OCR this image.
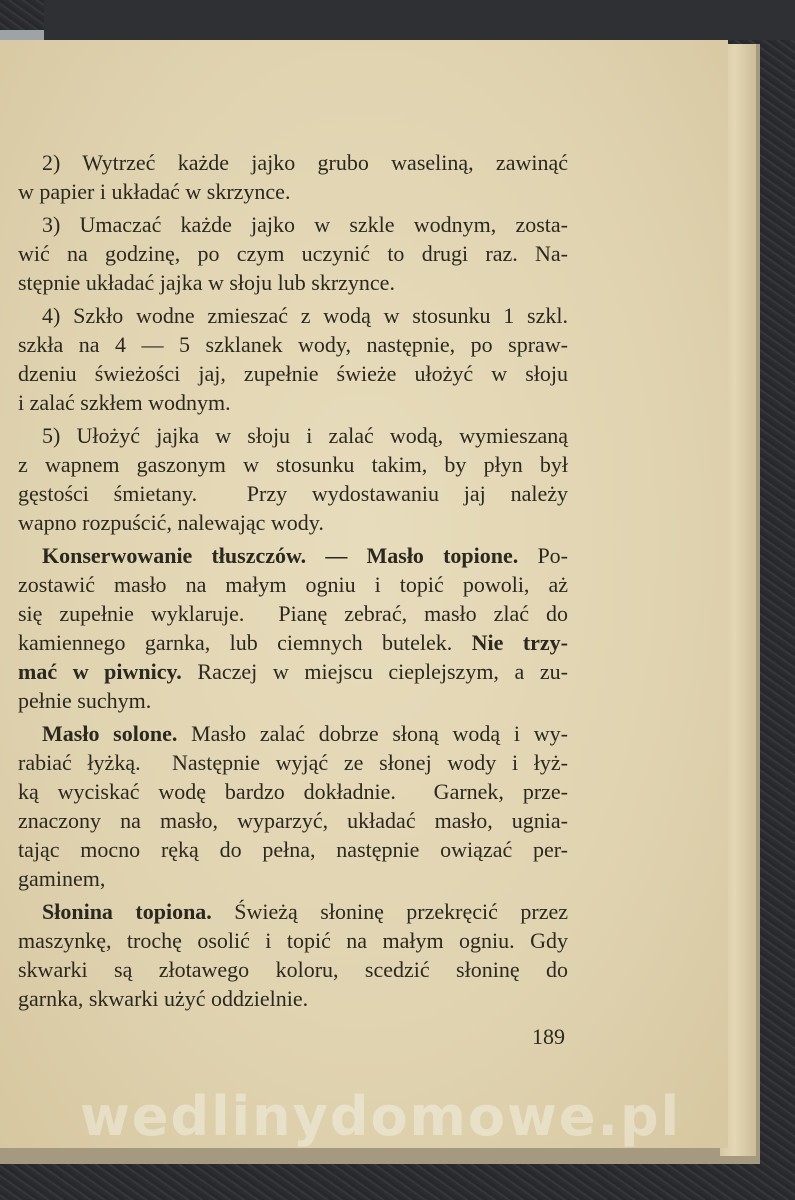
2) Wytrzeć każde jajko grubo waseliną, zawinąć
w papier i układać w skrzynce.
3) Umaczać każde jajko w szkle wodnym, zosta-
wić na godzinę, po czym uczynić to drugi raz. Na-
stępnie układać jajka w słoju lub skrzynce.
4) Szkło wodne zmieszać z wodą w stosunku 1 szkl.
szkła na 4 — 5 szklanek wody, następnie, po spraw-
dzeniu świeżości jaj, zupełnie świeże ułożyć w słoju
i zalać szkłem wodnym.
5) Ułożyć jajka w słoju i zalać wodą, wymieszaną
z wapnem gaszonym w stosunku takim, by płyn był
gęstości śmietany.  Przy wydostawaniu jaj należy
wapno rozpuścić, nalewając wody.
Konserwowanie tłuszczów. — Masło topione. Po-
zostawić masło na małym ogniu i topić powoli, aż
się zupełnie wyklaruje.  Pianę zebrać, masło zlać do
kamiennego garnka, lub ciemnych butelek. Nie trzy-
mać w piwnicy. Raczej w miejscu cieplejszym, a zu-
pełnie suchym.
Masło solone. Masło zalać dobrze słoną wodą i wy-
rabiać łyżką.  Następnie wyjąć ze słonej wody i łyż-
ką wyciskać wodę bardzo dokładnie.  Garnek, prze-
znaczony na masło, wyparzyć, układać masło, ugnia-
tając mocno ręką do pełna, następnie owiązać per-
gaminem,
Słonina topiona. Świeżą słoninę przekręcić przez
maszynkę, trochę osolić i topić na małym ogniu. Gdy
skwarki są złotawego koloru, scedzić słoninę do
garnka, skwarki użyć oddzielnie.
189
wedlinydomowe.pl
